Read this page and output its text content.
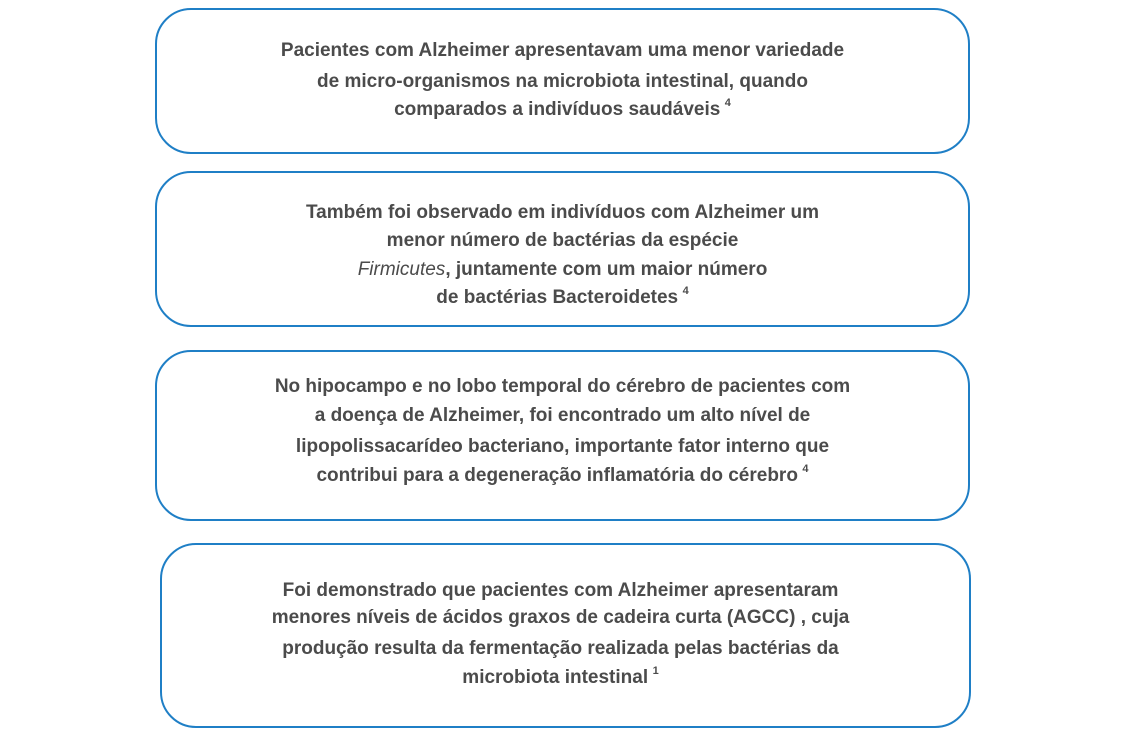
Pacientes com Alzheimer apresentavam uma menor variedade
de micro-organismos na microbiota intestinal, quando
comparados a indivíduos saudáveis $^4$
Também foi observado em indivíduos com Alzheimer um
menor número de bactérias da espécie
Firmicutes, juntamente com um maior número
de bactérias Bacteroidetes $^4$
No hipocampo e no lobo temporal do cérebro de pacientes com
a doença de Alzheimer, foi encontrado um alto nível de
lipopolissacarídeo bacteriano, importante fator interno que
contribui para a degeneração inflamatória do cérebro $^4$
Foi demonstrado que pacientes com Alzheimer apresentaram
menores níveis de ácidos graxos de cadeira curta (AGCC) , cuja
produção resulta da fermentação realizada pelas bactérias da
microbiota intestinal $^1$
